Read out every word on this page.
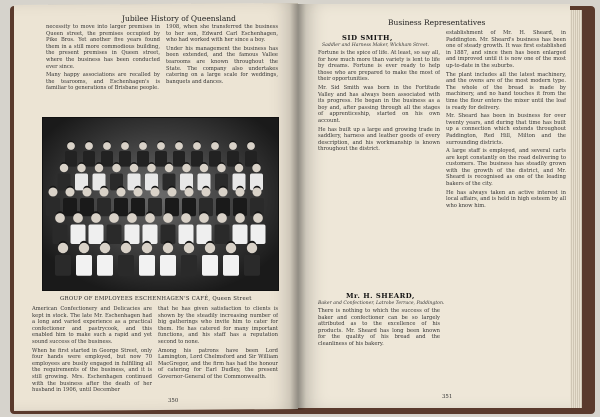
Jubilee History of Queensland

necessity to move into larger premises in Queen street, the premises occupied by Pike Bros. Yet another five years found them in a still more commodious building, the present premises in Queen street, where the business has been conducted ever since.

Many happy associations are recalled by the tearooms, and Eschenhagen's is familiar to generations of Brisbane people.

1908, when she transferred the business to her son, Edward Carl Eschenhagen, who had worked with her since a boy.

Under his management the business has been extended, and the famous Vallee tearooms are known throughout the State. The company also undertakes catering on a large scale for weddings, banquets and dances.

GROUP OF EMPLOYEES ESCHENHAGEN'S CAFÉ, Queen Street

American Confectionery and Delicacies are kept in stock. The late Mr. Eschenhagen had a long and varied experience as a practical confectioner and pastrycook, and this enabled him to make such a rapid and yet sound success of the business.

When he first started in George Street, only four hands were employed, but now 70 employees are busily engaged in fulfilling all the requirements of the business, and it is still growing. Mrs. Eschenhagen continued with the business after the death of her husband in 1906, until December

that he has given satisfaction to clients is shown by the steadily increasing number of big gatherings who invite him to cater for them. He has catered for many important functions, and his staff has a reputation second to none.

Among his patrons have been Lord Lamington, Lord Chelmsford and Sir William MacGregor, and the firm has had the honour of catering for Earl Dudley, the present Governor-General of the Commonwealth.

350
Business Representatives
SID SMITH,
Saddler and Harness Maker, Wickham Street.

Fortune is the spice of life. At least, so say all, for how much more than variety is lent to life by dreams. Fortune is ever ready to help those who are prepared to make the most of their opportunities.

Mr. Sid Smith was born in the Fortitude Valley and has always been associated with its progress. He began in the business as a boy and, after passing through all the stages of apprenticeship, started on his own account.

He has built up a large and growing trade in saddlery, harness and leather goods of every description, and his workmanship is known throughout the district.

Mr. H. SHEARD,
Baker and Confectioner, Latrobe Terrace, Paddington.

There is nothing to which the success of the baker and confectioner can be so largely attributed as to the excellence of his products. Mr. Sheard has long been known for the quality of his bread and the cleanliness of his bakery.

establishment of Mr. H. Sheard, in Paddington. Mr. Sheard's business has been one of steady growth. It was first established in 1887, and since then has been enlarged and improved until it is now one of the most up-to-date in the suburbs.

The plant includes all the latest machinery, and the ovens are of the most modern type. The whole of the bread is made by machinery, and no hand touches it from the time the flour enters the mixer until the loaf is ready for delivery.

Mr. Sheard has been in business for over twenty years, and during that time has built up a connection which extends throughout Paddington, Red Hill, Milton and the surrounding districts.

A large staff is employed, and several carts are kept constantly on the road delivering to customers. The business has steadily grown with the growth of the district, and Mr. Sheard is recognised as one of the leading bakers of the city.

He has always taken an active interest in local affairs, and is held in high esteem by all who know him.

351
